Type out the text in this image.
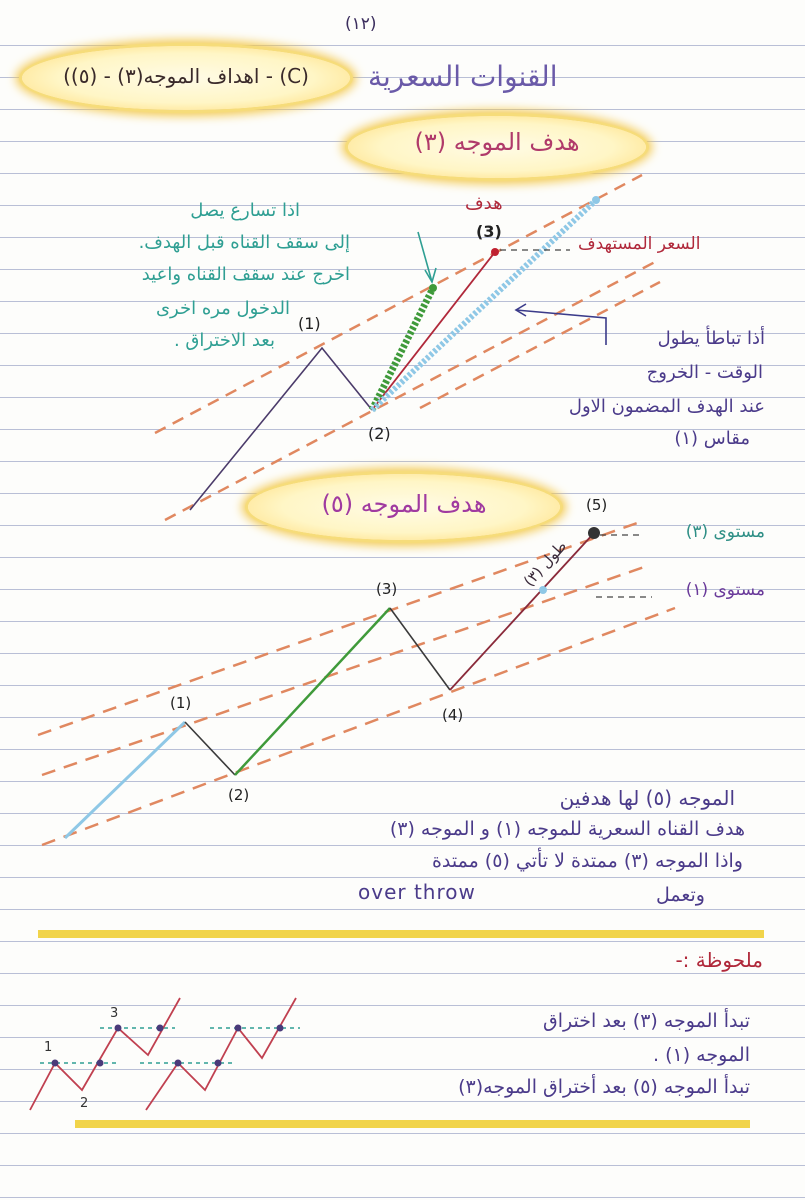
(١٢)
(اهداف الموجه(٣) - (٥) - (C)	القنوات السعرية
هدف الموجه (٣)
اذا تسارع يصل
إلى سقف القناه قبل الهدف.
اخرج عند سقف القناه واعيد
الدخول مره اخرى
بعد الاختراق .
هدف
السعر المستهدف
(1)
(2)
(3)
أذا تباطأ يطول
الوقت - الخروج
عند الهدف المضمون الاول
مقاس (١)
هدف الموجه (٥)	(5)
(3)
(4)
(1)
(2)
مستوى (٣)
مستوى (١)
طول (٣)
الموجه (٥) لها هدفين
هدف القناه السعرية للموجه (١) و الموجه (٣)
واذا الموجه (٣) ممتدة لا تأتي (٥) ممتدة
وتعمل
over throw
ملحوظة :-
1
2
3	تبدأ الموجه (٣) بعد اختراق
الموجه (١) .
تبدأ الموجه (٥) بعد أختراق الموجه(٣)
